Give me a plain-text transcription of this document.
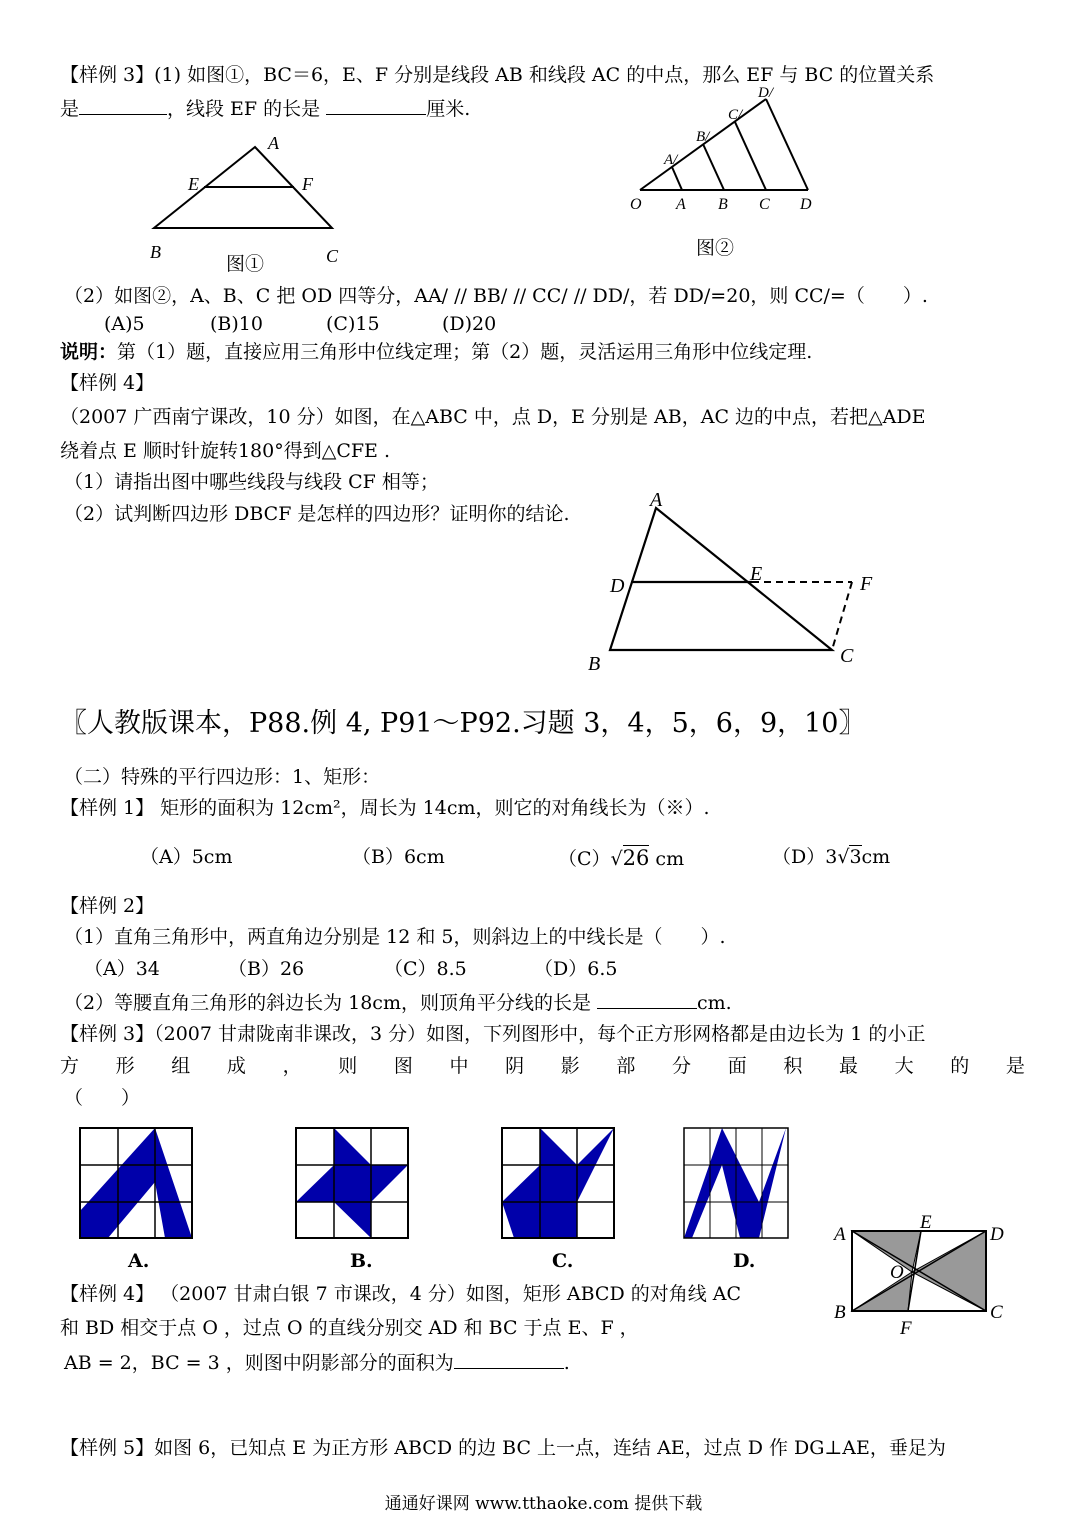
【样例 3】(1) 如图①，BC＝6，E、F 分别是线段 AB 和线段 AC 的中点，那么 EF 与 BC 的位置关系
是	，线段 EF 的长是	厘米.
A
E	F
B	C
图①
O A B C D
A/
B/
C/
D/
图②
（2）如图②，A、B、C 把 OD 四等分，AA/ // BB/ // CC/ // DD/，若 DD/=20，则 CC/=（　　）.
(A)5	(B)10	(C)15	(D)20
说明：第（1）题，直接应用三角形中位线定理；第（2）题，灵活运用三角形中位线定理.
【样例 4】
（2007 广西南宁课改，10 分）如图，在△ABC 中，点 D，E 分别是 AB，AC 边的中点，若把△ADE
绕着点 E 顺时针旋转180°得到△CFE .
（1）请指出图中哪些线段与线段 CF 相等；
（2）试判断四边形 DBCF 是怎样的四边形？证明你的结论.
A
D
E	F
B	C
〖人教版课本，P88.例 4, P91～P92.习题 3，4，5，6，9，10〗
（二）特殊的平行四边形：1、矩形：
【样例 1】 矩形的面积为 12cm²，周长为 14cm，则它的对角线长为（※）.
（A）5cm	（B）6cm	（C）√26 cm	（D）3√3cm
【样例 2】
（1）直角三角形中，两直角边分别是 12 和 5，则斜边上的中线长是（　　）.
（A）34	（B）26	（C）8.5	（D）6.5
（2）等腰直角三角形的斜边长为 18cm，则顶角平分线的长是	cm.
【样例 3】（2007 甘肃陇南非课改，3 分）如图，下列图形中，每个正方形网格都是由边长为 1 的小正
方 形 组 成 ， 则 图 中 阴 影 部 分 面 积 最 大 的 是
（　　）
A.	B.	C.	D.
A
E
D
O
B
F
C
【样例 4】 （2007 甘肃白银 7 市课改，4 分）如图，矩形 ABCD 的对角线 AC
和 BD 相交于点 O ，过点 O 的直线分别交 AD 和 BC 于点 E、F ，
AB = 2，BC = 3 ，则图中阴影部分的面积为	.
【样例 5】如图 6，已知点 E 为正方形 ABCD 的边 BC 上一点，连结 AE，过点 D 作 DG⊥AE，垂足为
通通好课网 www.tthaoke.com 提供下载
